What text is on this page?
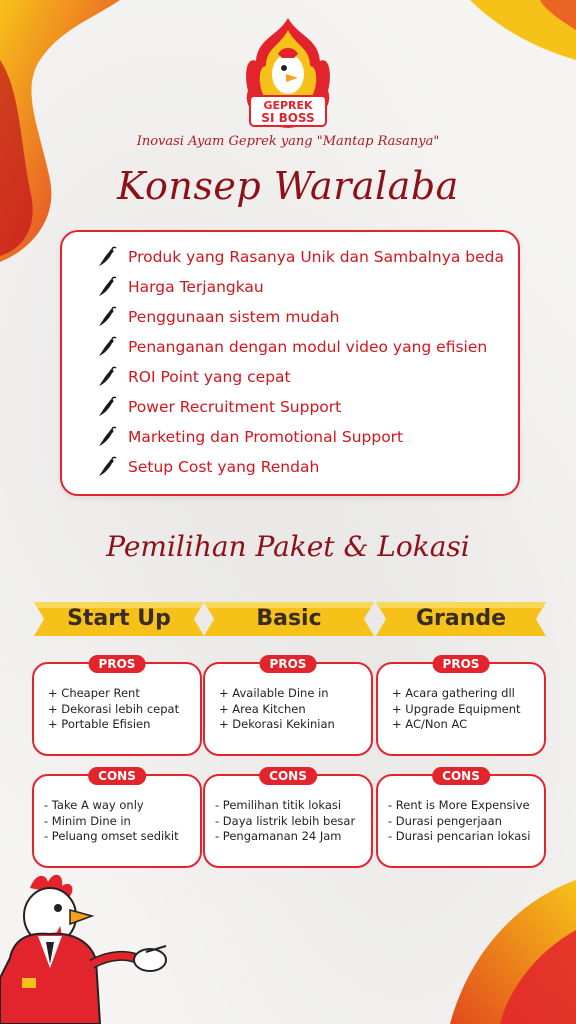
GEPREK
SI BOSS
Inovasi Ayam Geprek yang "Mantap Rasanya"
Konsep Waralaba
Produk yang Rasanya Unik dan Sambalnya beda
Harga Terjangkau
Penggunaan sistem mudah
Penanganan dengan modul video yang efisien
ROI Point yang cepat
Power Recruitment Support
Marketing dan Promotional Support
Setup Cost yang Rendah
Pemilihan Paket & Lokasi
Start Up	Basic	Grande
PROS
+ Cheaper Rent
+ Dekorasi lebih cepat
+ Portable Efisien
PROS
+ Available Dine in
+ Area Kitchen
+ Dekorasi Kekinian
PROS
+ Acara gathering dll
+ Upgrade Equipment
+ AC/Non AC
CONS
- Take A way only
- Minim Dine in
- Peluang omset sedikit
CONS
- Pemilihan titik lokasi
- Daya listrik lebih besar
- Pengamanan 24 Jam
CONS
- Rent is More Expensive
- Durasi pengerjaan
- Durasi pencarian lokasi
